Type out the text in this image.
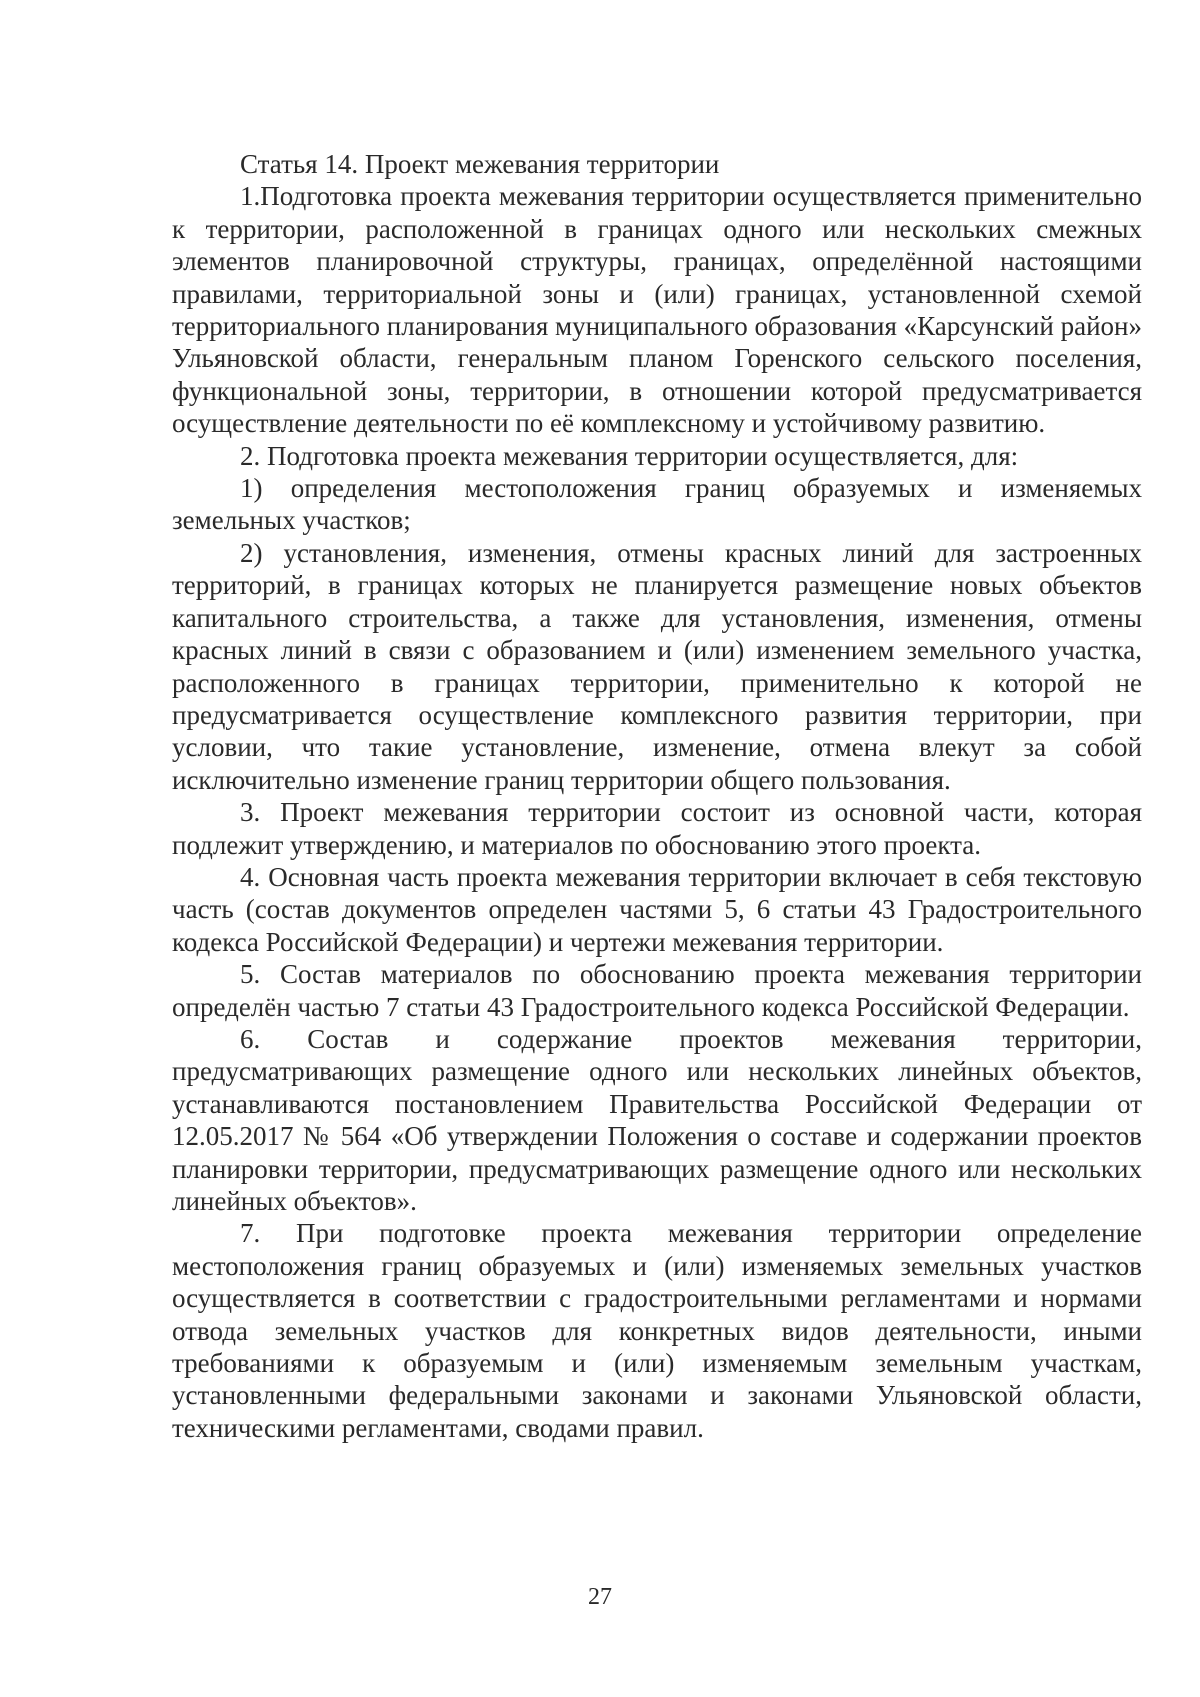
Статья 14. Проект межевания территории

1.Подготовка проекта межевания территории осуществляется применительно к территории, расположенной в границах одного или нескольких смежных элементов планировочной структуры, границах, определённой настоящими правилами, территориальной зоны и (или) границах, установленной схемой территориального планирования муниципального образования «Карсунский район» Ульяновской области, генеральным планом Горенского сельского поселения, функциональной зоны, территории, в отношении которой предусматривается осуществление деятельности по её комплексному и устойчивому развитию.

2. Подготовка проекта межевания территории осуществляется, для:

1) определения местоположения границ образуемых и изменяемых земельных участков;

2) установления, изменения, отмены красных линий для застроенных территорий, в границах которых не планируется размещение новых объектов капитального строительства, а также для установления, изменения, отмены красных линий в связи с образованием и (или) изменением земельного участка, расположенного в границах территории, применительно к которой не предусматривается осуществление комплексного развития территории, при условии, что такие установление, изменение, отмена влекут за собой исключительно изменение границ территории общего пользования.

3. Проект межевания территории состоит из основной части, которая подлежит утверждению, и материалов по обоснованию этого проекта.

4. Основная часть проекта межевания территории включает в себя текстовую часть (состав документов определен частями 5, 6 статьи 43 Градостроительного кодекса Российской Федерации) и чертежи межевания территории.

5. Состав материалов по обоснованию проекта межевания территории определён частью 7 статьи 43 Градостроительного кодекса Российской Федерации.

6. Состав и содержание проектов межевания территории, предусматривающих размещение одного или нескольких линейных объектов, устанавливаются постановлением Правительства Российской Федерации от 12.05.2017 № 564 «Об утверждении Положения о составе и содержании проектов планировки территории, предусматривающих размещение одного или нескольких линейных объектов».

7. При подготовке проекта межевания территории определение местоположения границ образуемых и (или) изменяемых земельных участков осуществляется в соответствии с градостроительными регламентами и нормами отвода земельных участков для конкретных видов деятельности, иными требованиями к образуемым и (или) изменяемым земельным участкам, установленными федеральными законами и законами Ульяновской области, техническими регламентами, сводами правил.

27
